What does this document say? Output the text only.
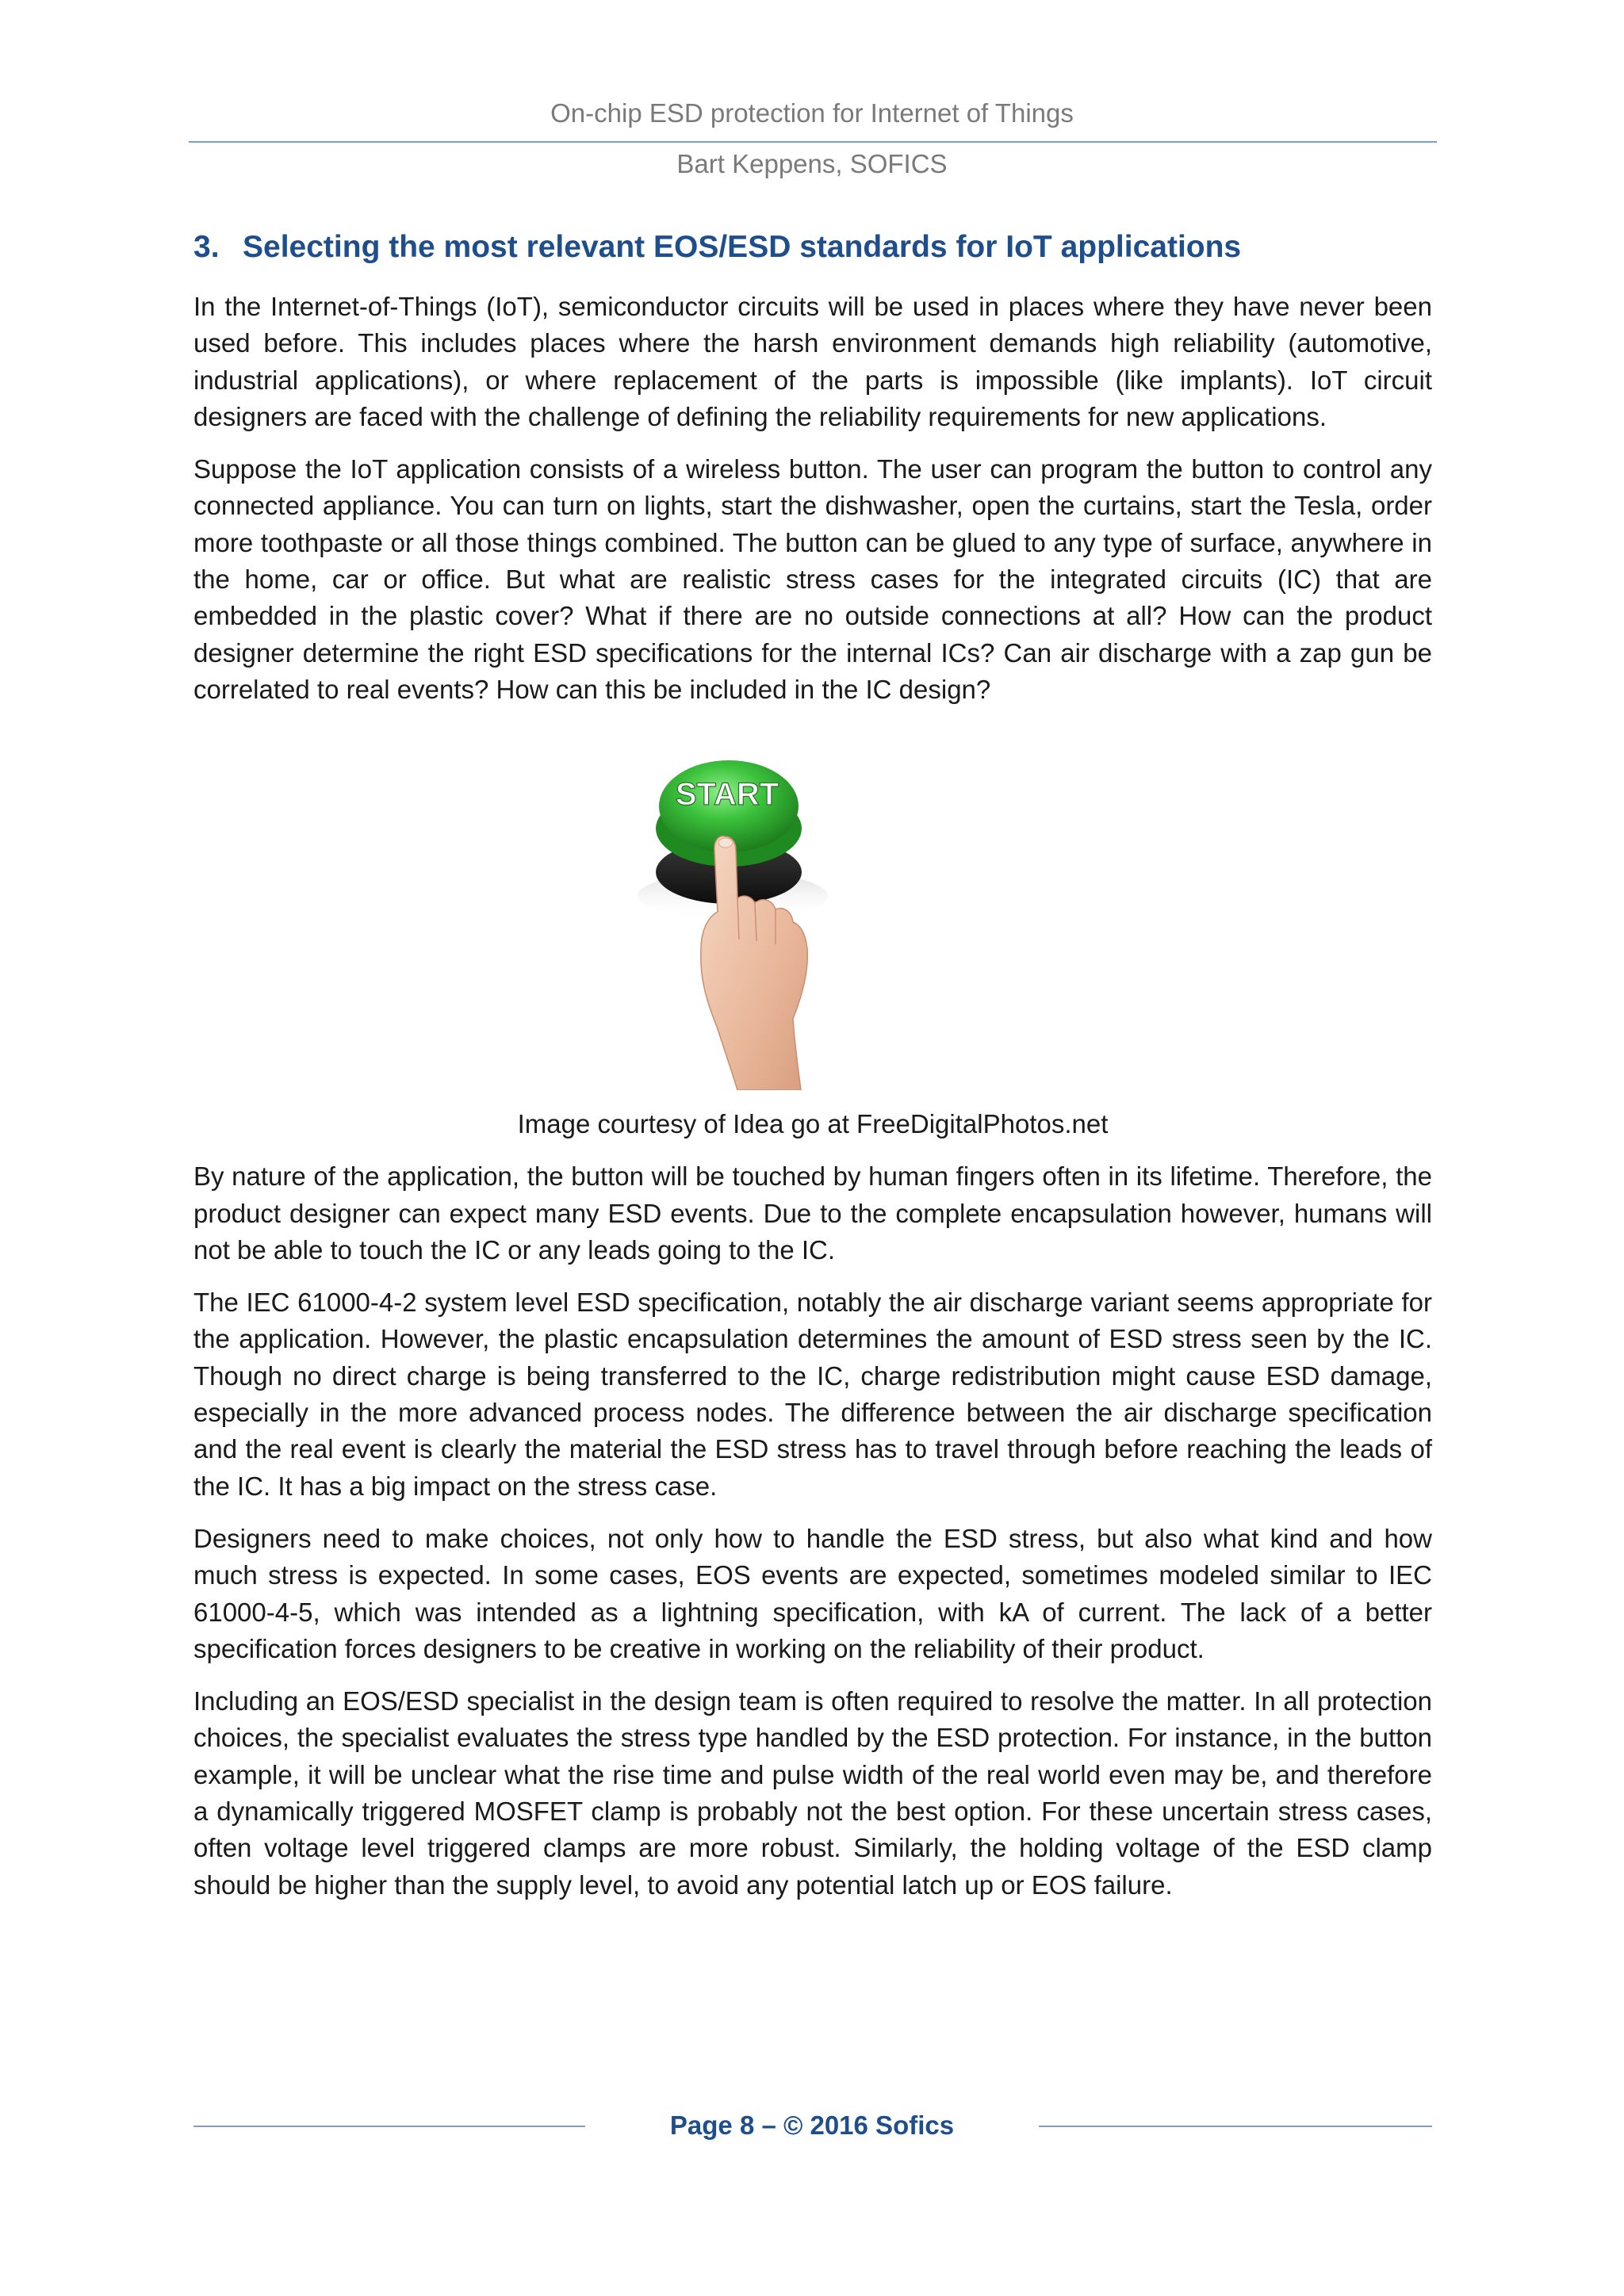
On-chip ESD protection for Internet of Things
Bart Keppens, SOFICS
3. Selecting the most relevant EOS/ESD standards for IoT applications

In the Internet-of-Things (IoT), semiconductor circuits will be used in places where they have never been used before. This includes places where the harsh environment demands high reliability (automotive, industrial applications), or where replacement of the parts is impossible (like implants). IoT circuit designers are faced with the challenge of defining the reliability requirements for new applications.

Suppose the IoT application consists of a wireless button. The user can program the button to control any connected appliance. You can turn on lights, start the dishwasher, open the curtains, start the Tesla, order more toothpaste or all those things combined. The button can be glued to any type of surface, anywhere in the home, car or office. But what are realistic stress cases for the integrated circuits (IC) that are embedded in the plastic cover? What if there are no outside connections at all? How can the product designer determine the right ESD specifications for the internal ICs? Can air discharge with a zap gun be correlated to real events? How can this be included in the IC design?

START

Image courtesy of Idea go at FreeDigitalPhotos.net

By nature of the application, the button will be touched by human fingers often in its lifetime. Therefore, the product designer can expect many ESD events. Due to the complete encapsulation however, humans will not be able to touch the IC or any leads going to the IC.

The IEC 61000-4-2 system level ESD specification, notably the air discharge variant seems appropriate for the application. However, the plastic encapsulation determines the amount of ESD stress seen by the IC. Though no direct charge is being transferred to the IC, charge redistribution might cause ESD damage, especially in the more advanced process nodes. The difference between the air discharge specification and the real event is clearly the material the ESD stress has to travel through before reaching the leads of the IC. It has a big impact on the stress case.

Designers need to make choices, not only how to handle the ESD stress, but also what kind and how much stress is expected. In some cases, EOS events are expected, sometimes modeled similar to IEC 61000-4-5, which was intended as a lightning specification, with kA of current. The lack of a better specification forces designers to be creative in working on the reliability of their product.

Including an EOS/ESD specialist in the design team is often required to resolve the matter. In all protection choices, the specialist evaluates the stress type handled by the ESD protection. For instance, in the button example, it will be unclear what the rise time and pulse width of the real world even may be, and therefore a dynamically triggered MOSFET clamp is probably not the best option. For these uncertain stress cases, often voltage level triggered clamps are more robust. Similarly, the holding voltage of the ESD clamp should be higher than the supply level, to avoid any potential latch up or EOS failure.

Page 8 – © 2016 Sofics
